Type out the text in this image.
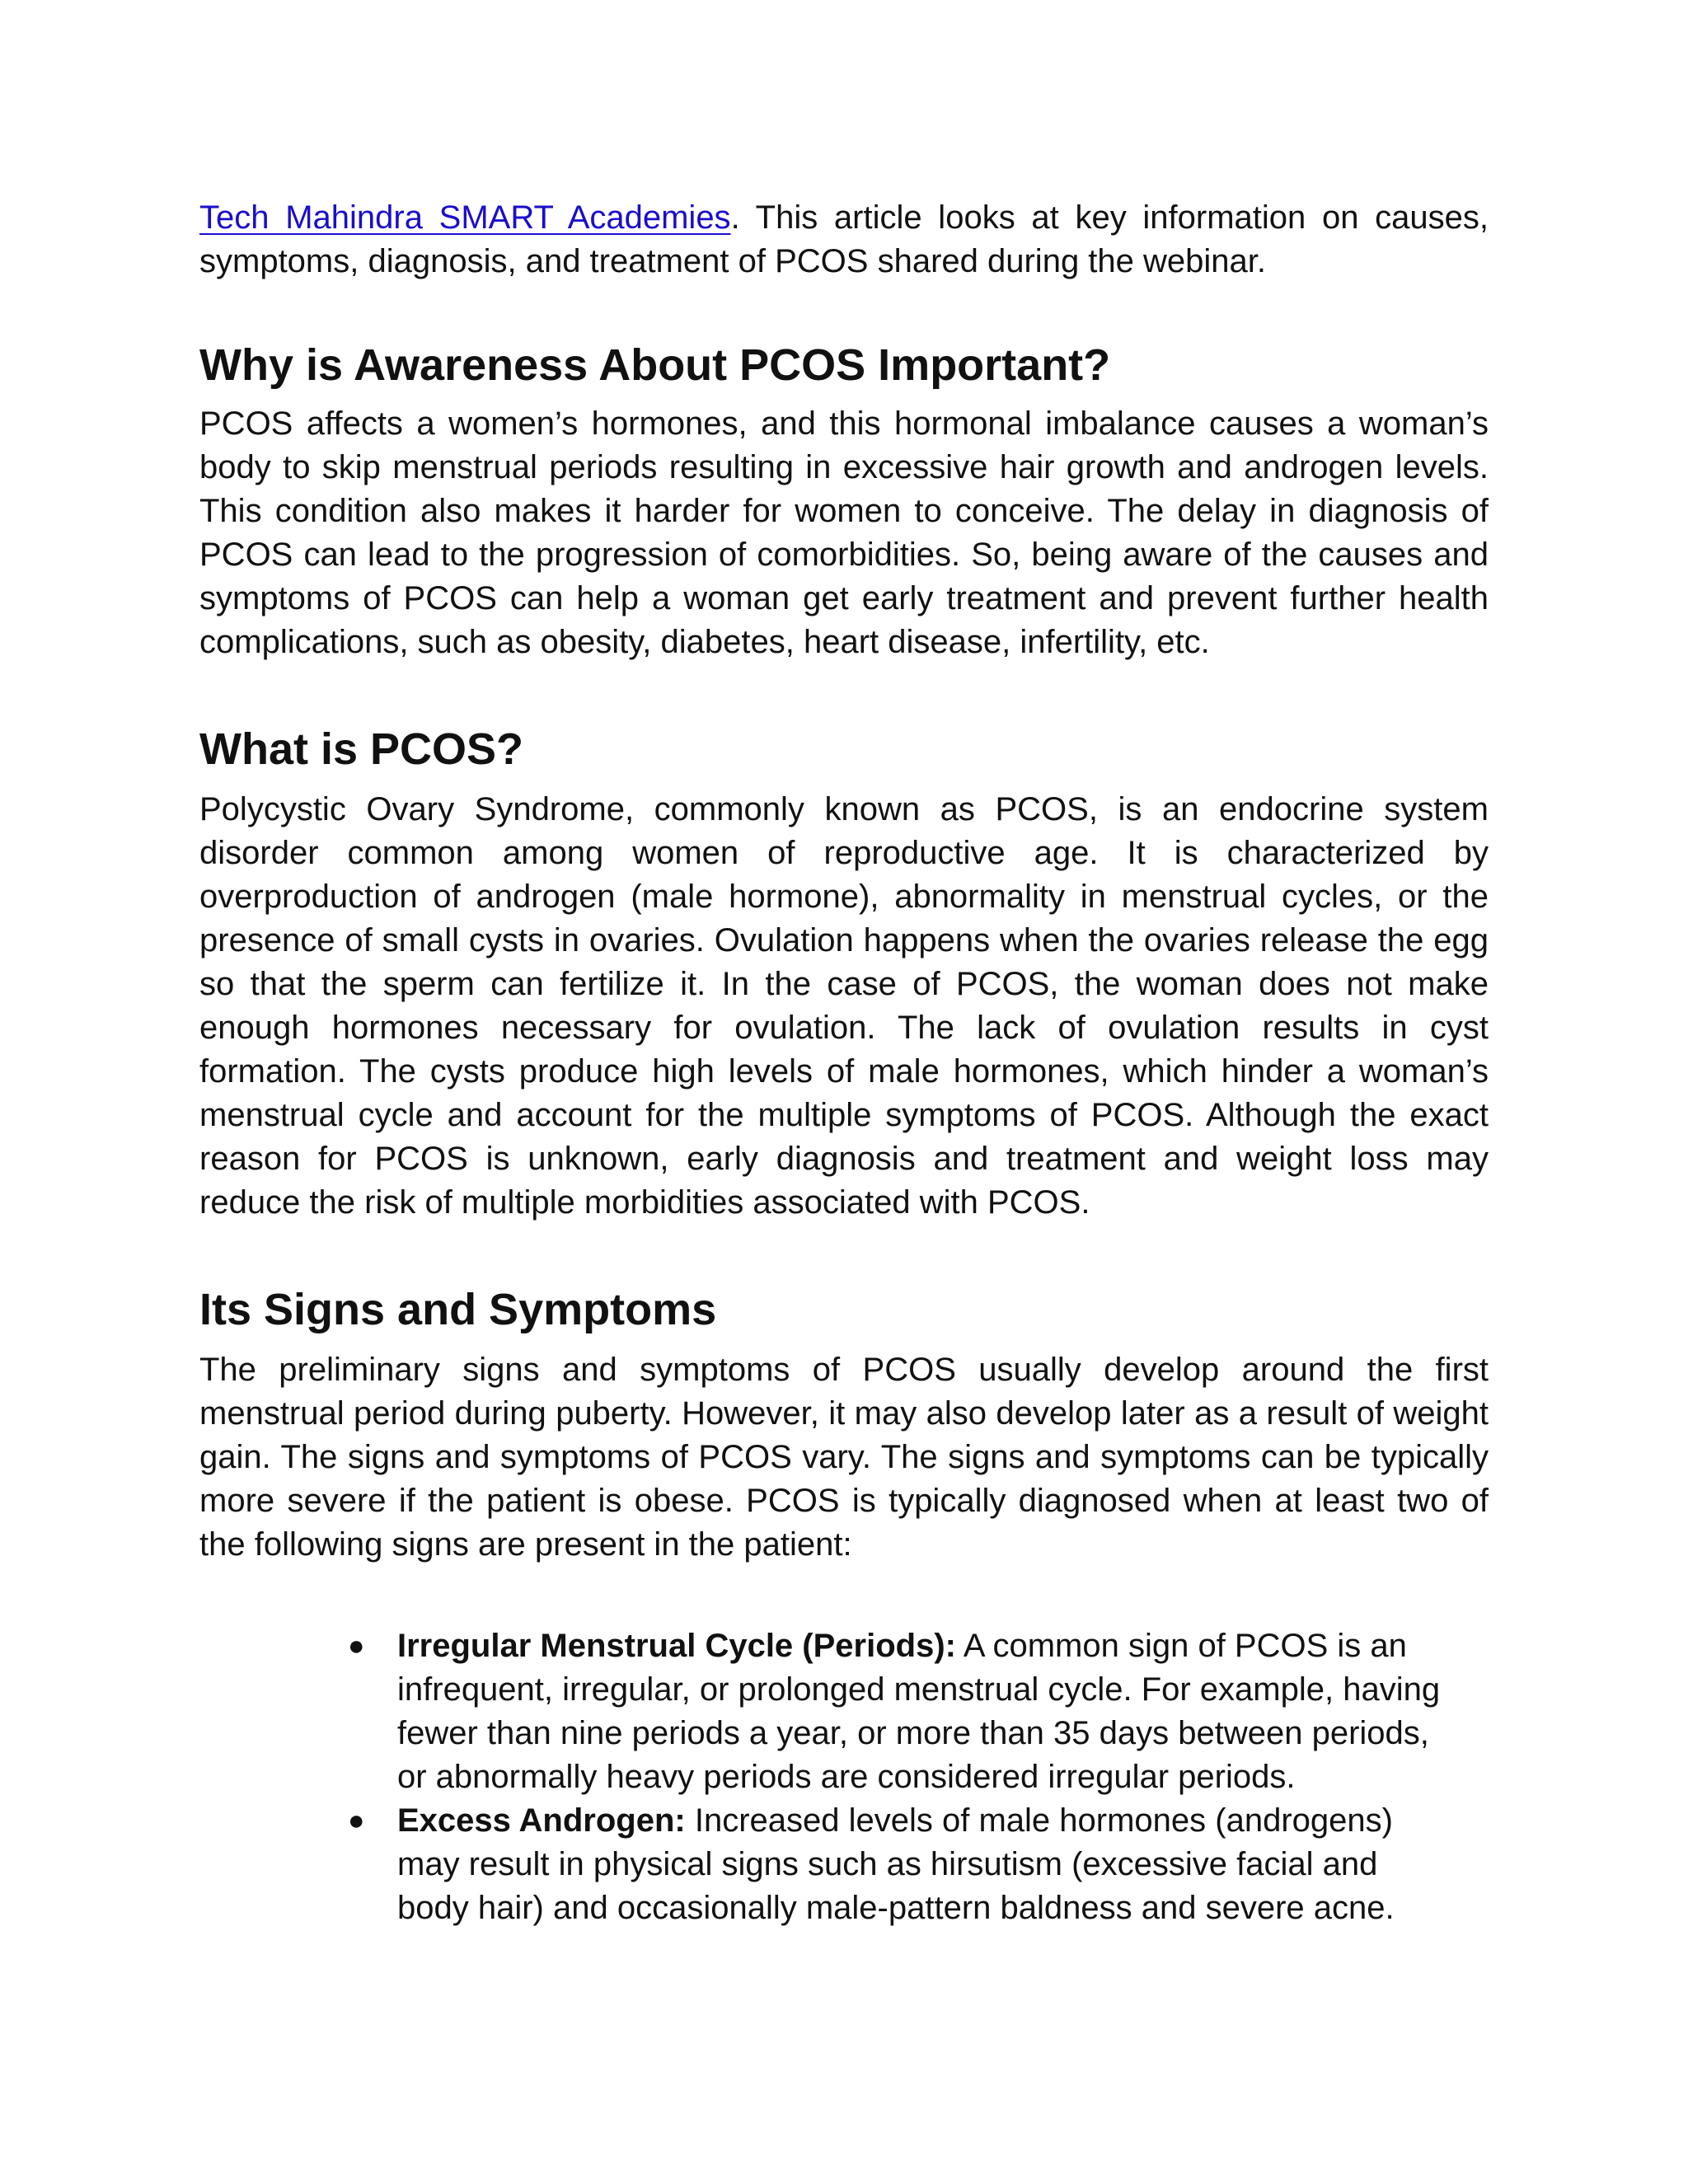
Tech Mahindra SMART Academies. This article looks at key information on causes, symptoms, diagnosis, and treatment of PCOS shared during the webinar.

Why is Awareness About PCOS Important?

PCOS affects a women’s hormones, and this hormonal imbalance causes a woman’s body to skip menstrual periods resulting in excessive hair growth and androgen levels. This condition also makes it harder for women to conceive. The delay in diagnosis of PCOS can lead to the progression of comorbidities. So, being aware of the causes and symptoms of PCOS can help a woman get early treatment and prevent further health complications, such as obesity, diabetes, heart disease, infertility, etc.

What is PCOS?

Polycystic Ovary Syndrome, commonly known as PCOS, is an endocrine system disorder common among women of reproductive age. It is characterized by overproduction of androgen (male hormone), abnormality in menstrual cycles, or the presence of small cysts in ovaries. Ovulation happens when the ovaries release the egg so that the sperm can fertilize it. In the case of PCOS, the woman does not make enough hormones necessary for ovulation. The lack of ovulation results in cyst formation. The cysts produce high levels of male hormones, which hinder a woman’s menstrual cycle and account for the multiple symptoms of PCOS. Although the exact reason for PCOS is unknown, early diagnosis and treatment and weight loss may reduce the risk of multiple morbidities associated with PCOS.

Its Signs and Symptoms

The preliminary signs and symptoms of PCOS usually develop around the first menstrual period during puberty. However, it may also develop later as a result of weight gain. The signs and symptoms of PCOS vary. The signs and symptoms can be typically more severe if the patient is obese. PCOS is typically diagnosed when at least two of the following signs are present in the patient:

● Irregular Menstrual Cycle (Periods): A common sign of PCOS is an infrequent, irregular, or prolonged menstrual cycle. For example, having fewer than nine periods a year, or more than 35 days between periods, or abnormally heavy periods are considered irregular periods.
● Excess Androgen: Increased levels of male hormones (androgens) may result in physical signs such as hirsutism (excessive facial and body hair) and occasionally male-pattern baldness and severe acne.
